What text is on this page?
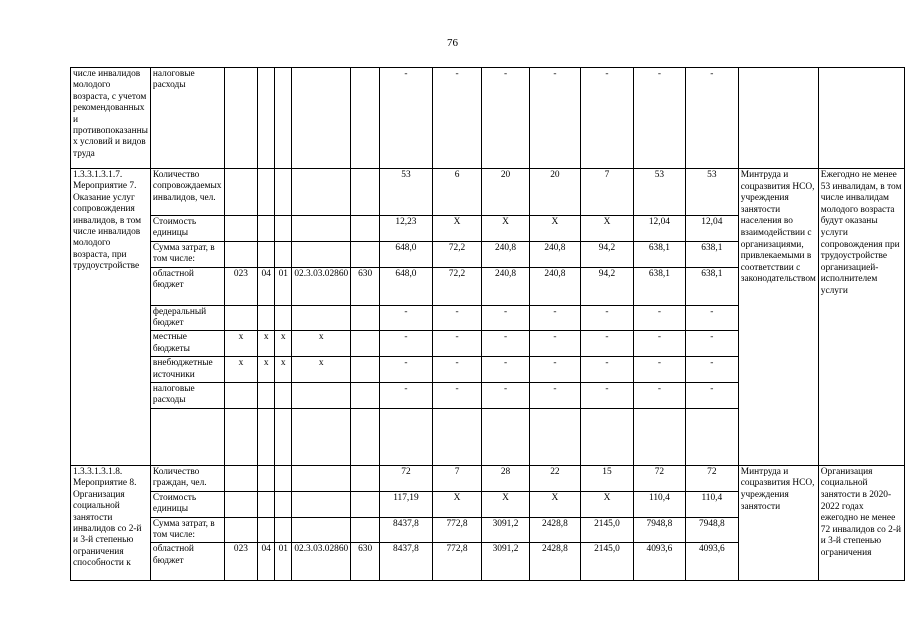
76
числе инвалидов молодого возраста, с учетом рекомендованных и противопоказанны х условий и видов труда	налоговые расходы						-	-	-	-	-	-	-		
1.3.3.1.3.1.7. Мероприятие 7. Оказание услуг сопровождения инвалидов, в том числе инвалидов молодого возраста, при трудоустройстве	Количество сопровождаемых инвалидов, чел.						53	6	20	20	7	53	53	Минтруда и соцразвития НСО, учреждения занятости населения во взаимодействии с организациями, привлекаемыми в соответствии с законодательством	Ежегодно не менее 53 инвалидам, в том числе инвалидам молодого возраста будут оказаны услуги сопровождения при трудоустройстве организацией-исполнителем услуги
	Стоимость единицы						12,23	Х	Х	Х	Х	12,04	12,04		
	Сумма затрат, в том числе:						648,0	72,2	240,8	240,8	94,2	638,1	638,1		
	областной бюджет	023	04	01	02.3.03.02860	630	648,0	72,2	240,8	240,8	94,2	638,1	638,1		
	федеральный бюджет						-	-	-	-	-	-	-		
	местные бюджеты	х	х	х	х		-	-	-	-	-	-	-		
	внебюджетные источники	х	х	х	х		-	-	-	-	-	-	-		
	налоговые расходы						-	-	-	-	-	-	-		

1.3.3.1.3.1.8. Мероприятие 8. Организация социальной занятости инвалидов со 2-й и 3-й степенью ограничения способности к	Количество граждан, чел.						72	7	28	22	15	72	72	Минтруда и соцразвития НСО, учреждения занятости	Организация социальной занятости в 2020-2022 годах ежегодно не менее 72 инвалидов со 2-й и 3-й степенью ограничения
	Стоимость единицы						117,19	Х	Х	Х	Х	110,4	110,4		
	Сумма затрат, в том числе:						8437,8	772,8	3091,2	2428,8	2145,0	7948,8	7948,8		
	областной бюджет	023	04	01	02.3.03.02860	630	8437,8	772,8	3091,2	2428,8	2145,0	4093,6	4093,6		
